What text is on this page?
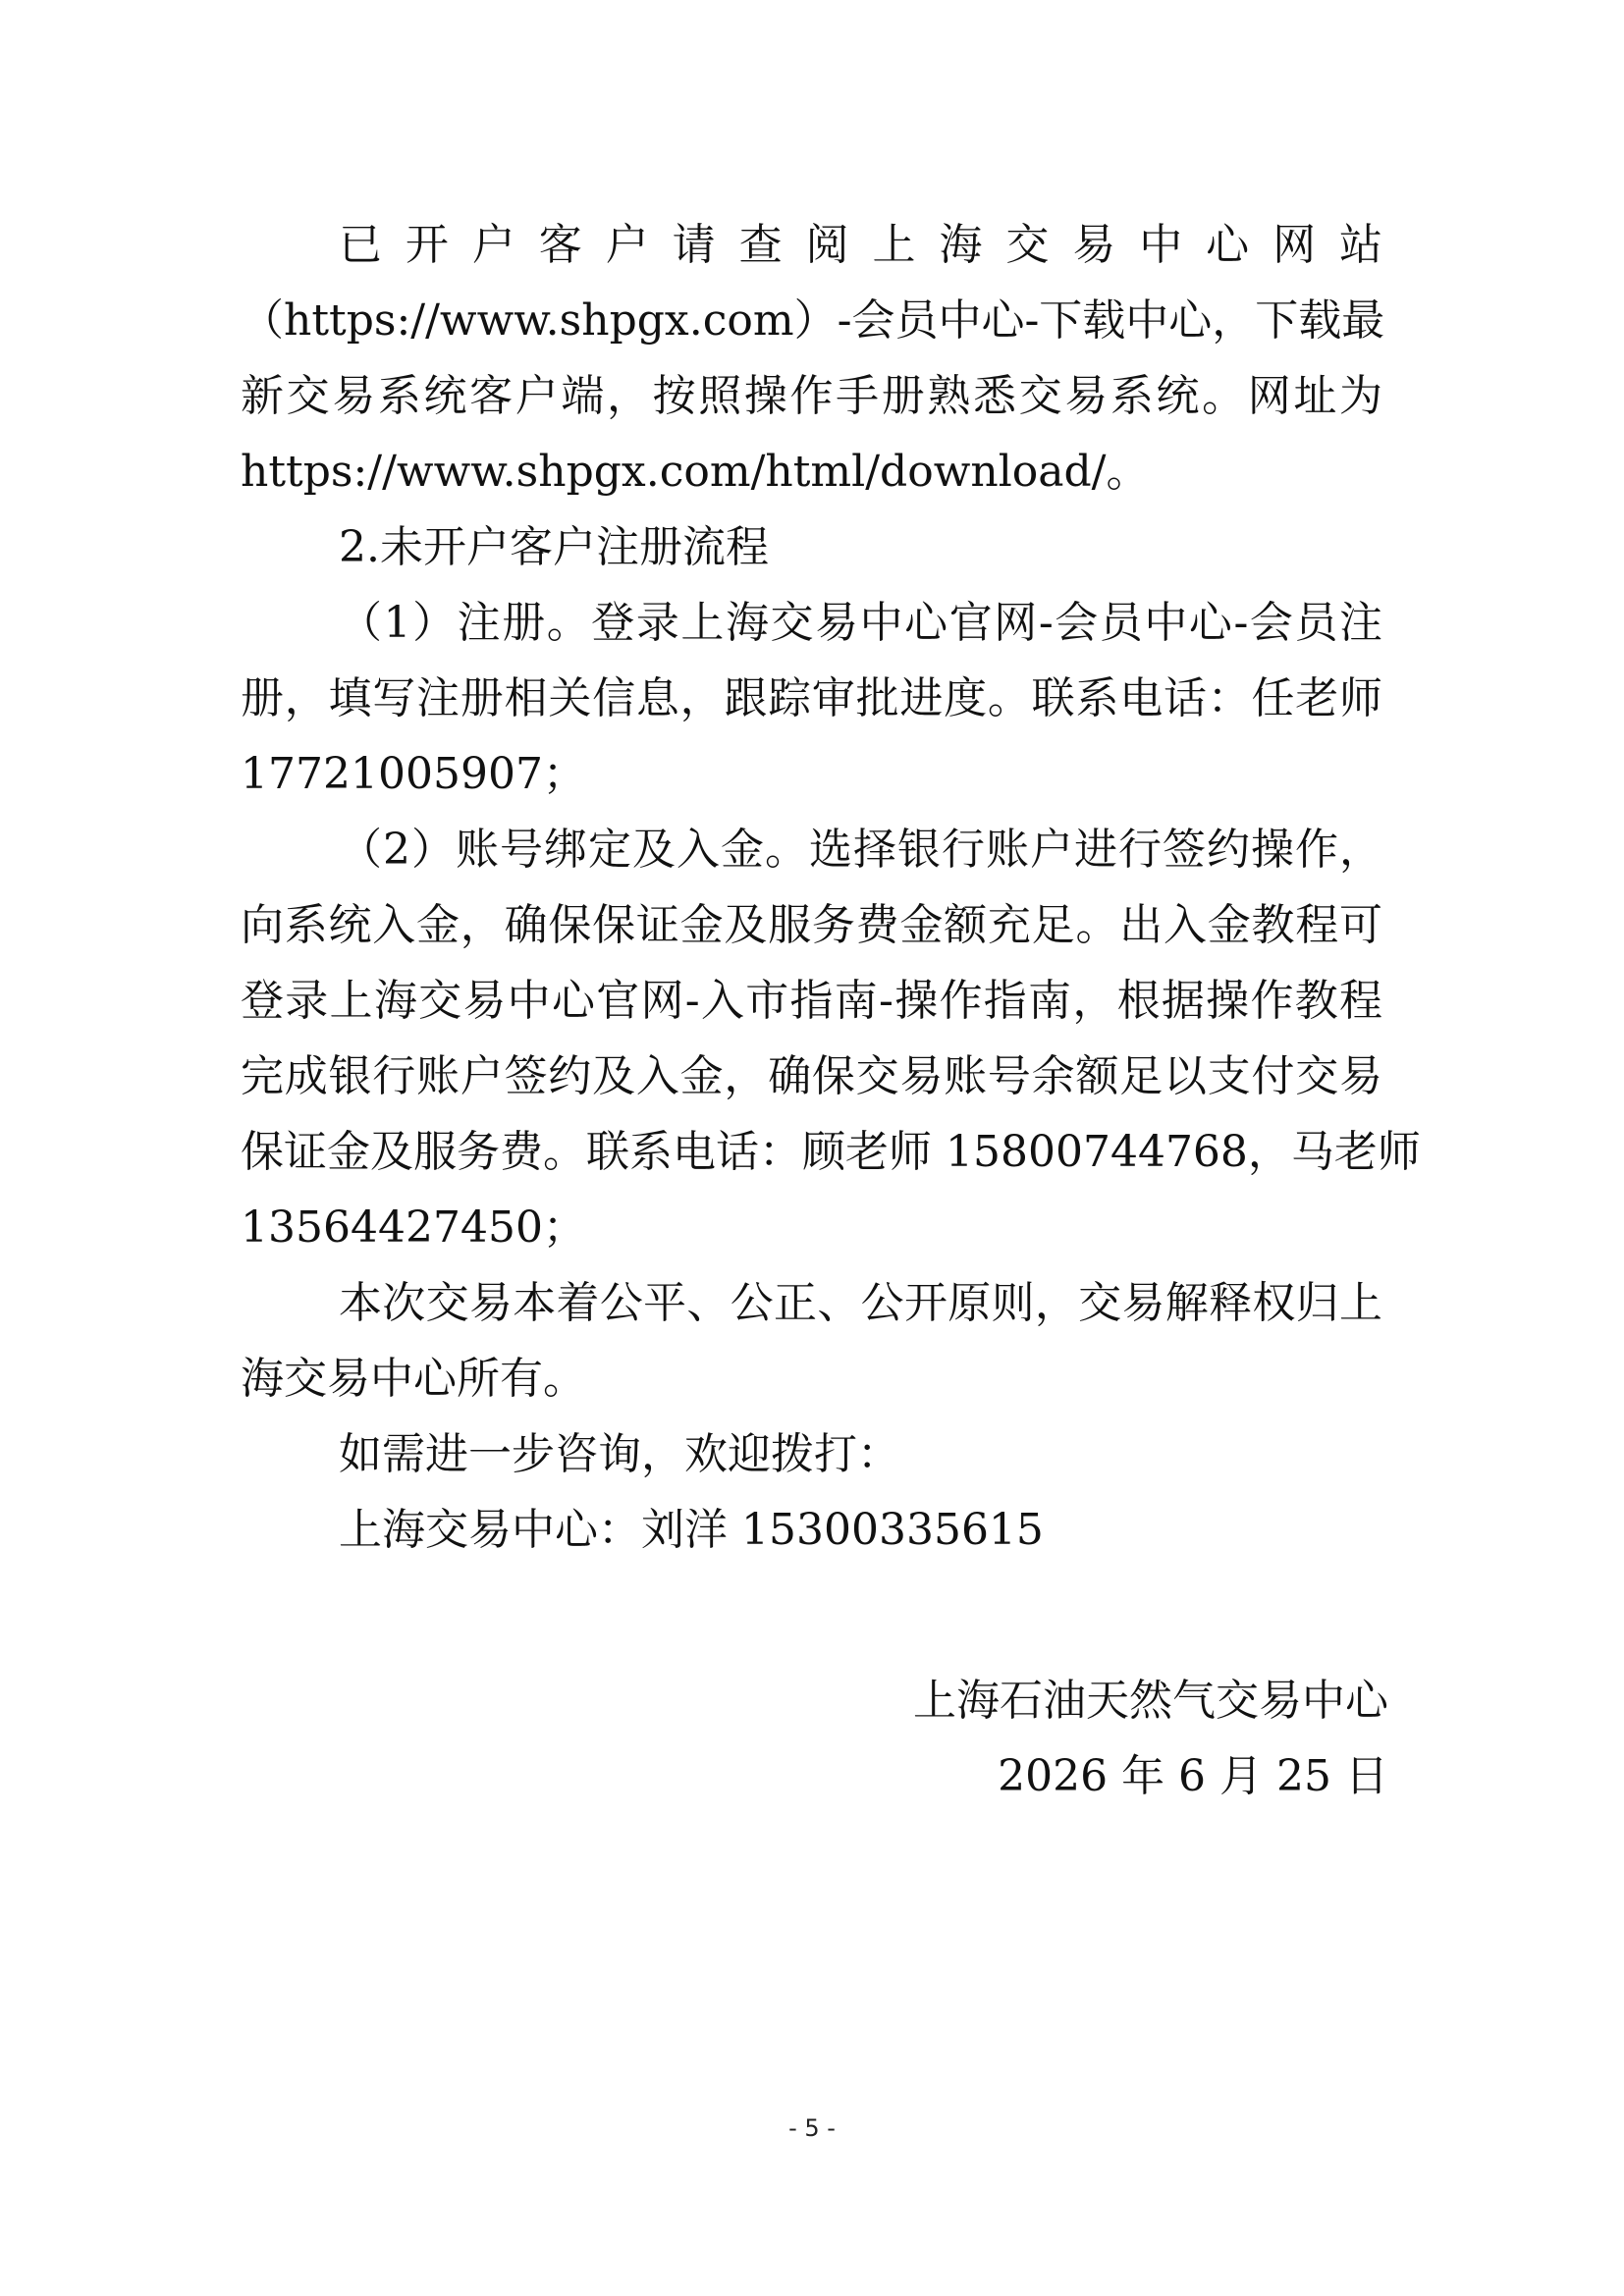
已开户客户请查阅上海交易中心网站
（https://www.shpgx.com）-会员中心-下载中心，下载最
新交易系统客户端，按照操作手册熟悉交易系统。网址为
https://www.shpgx.com/html/download/。
2.未开户客户注册流程
（1）注册。登录上海交易中心官网-会员中心-会员注
册，填写注册相关信息，跟踪审批进度。联系电话：任老师
17721005907；
（2）账号绑定及入金。选择银行账户进行签约操作，
向系统入金，确保保证金及服务费金额充足。出入金教程可
登录上海交易中心官网-入市指南-操作指南，根据操作教程
完成银行账户签约及入金，确保交易账号余额足以支付交易
保证金及服务费。联系电话：顾老师 15800744768，马老师
13564427450；
本次交易本着公平、公正、公开原则，交易解释权归上
海交易中心所有。
如需进一步咨询，欢迎拨打：
上海交易中心：刘洋 15300335615
上海石油天然气交易中心
2026 年 6 月 25 日
- 5 -
